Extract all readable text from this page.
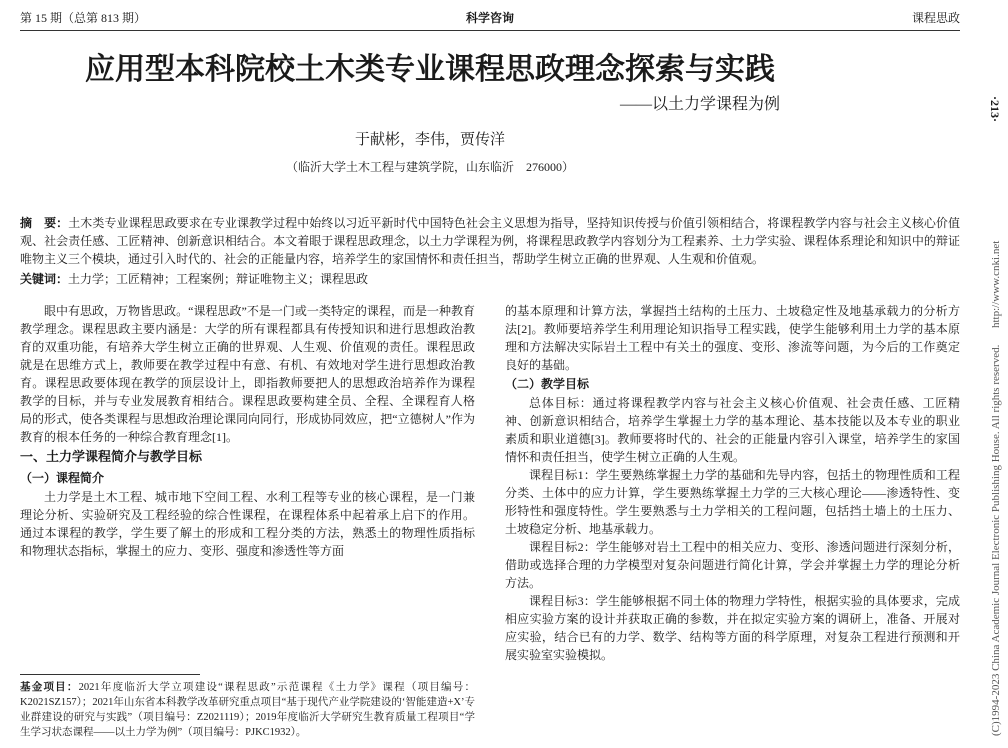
第 15 期（总第 813 期）	科学咨询	课程思政
应用型本科院校土木类专业课程思政理念探索与实践
——以土力学课程为例
于献彬，李伟，贾传洋
（临沂大学土木工程与建筑学院，山东临沂　276000）
摘　要：土木类专业课程思政要求在专业课教学过程中始终以习近平新时代中国特色社会主义思想为指导，坚持知识传授与价值引领相结合，将课程教学内容与社会主义核心价值观、社会责任感、工匠精神、创新意识相结合。本文着眼于课程思政理念，以土力学课程为例，将课程思政教学内容划分为工程素养、土力学实验、课程体系理论和知识中的辩证唯物主义三个模块，通过引入时代的、社会的正能量内容，培养学生的家国情怀和责任担当，帮助学生树立正确的世界观、人生观和价值观。
关键词：土力学；工匠精神；工程案例；辩证唯物主义；课程思政

眼中有思政，万物皆思政。“课程思政”不是一门或一类特定的课程，而是一种教育教学理念。课程思政主要内涵是：大学的所有课程都具有传授知识和进行思想政治教育的双重功能，有培养大学生树立正确的世界观、人生观、价值观的责任。课程思政就是在思维方式上，教师要在教学过程中有意、有机、有效地对学生进行思想政治教育。课程思政要体现在教学的顶层设计上，即指教师要把人的思想政治培养作为课程教学的目标，并与专业发展教育相结合。课程思政要构建全员、全程、全课程育人格局的形式，使各类课程与思想政治理论课同向同行，形成协同效应，把“立德树人”作为教育的根本任务的一种综合教育理念[1]。

一、土力学课程简介与教学目标
（一）课程简介

土力学是土木工程、城市地下空间工程、水利工程等专业的核心课程，是一门兼理论分析、实验研究及工程经验的综合性课程，在课程体系中起着承上启下的作用。通过本课程的教学，学生要了解土的形成和工程分类的方法，熟悉土的物理性质指标和物理状态指标，掌握土的应力、变形、强度和渗透性等方面

基金项目：2021年度临沂大学立项建设“课程思政”示范课程《土力学》课程（项目编号：K2021SZ157）；2021年山东省本科教学改革研究重点项目“基于现代产业学院建设的‘智能建造+X’专业群建设的研究与实践”（项目编号：Z2021119）；2019年度临沂大学研究生教育质量工程项目“学生学习状态课程——以土力学为例”（项目编号：PJKC1932）。

的基本原理和计算方法，掌握挡土结构的土压力、土坡稳定性及地基承载力的分析方法[2]。教师要培养学生利用理论知识指导工程实践，使学生能够利用土力学的基本原理和方法解决实际岩土工程中有关土的强度、变形、渗流等问题，为今后的工作奠定良好的基础。

（二）教学目标

总体目标：通过将课程教学内容与社会主义核心价值观、社会责任感、工匠精神、创新意识相结合，培养学生掌握土力学的基本理论、基本技能以及本专业的职业素质和职业道德[3]。教师要将时代的、社会的正能量内容引入课堂，培养学生的家国情怀和责任担当，使学生树立正确的人生观。

课程目标1：学生要熟练掌握土力学的基础和先导内容，包括土的物理性质和工程分类、土体中的应力计算，学生要熟练掌握土力学的三大核心理论——渗透特性、变形特性和强度特性。学生要熟悉与土力学相关的工程问题，包括挡土墙上的土压力、土坡稳定分析、地基承载力。

课程目标2：学生能够对岩土工程中的相关应力、变形、渗透问题进行深刻分析，借助或选择合理的力学模型对复杂问题进行简化计算，学会并掌握土力学的理论分析方法。

课程目标3：学生能够根据不同土体的物理力学特性，根据实验的具体要求，完成相应实验方案的设计并获取正确的参数，并在拟定实验方案的调研上，准备、开展对应实验，结合已有的力学、数学、结构等方面的科学原理，对复杂工程进行预测和开展实验室实验模拟。

·213·
(C)1994-2023 China Academic Journal Electronic Publishing House. All rights reserved. http://www.cnki.net
